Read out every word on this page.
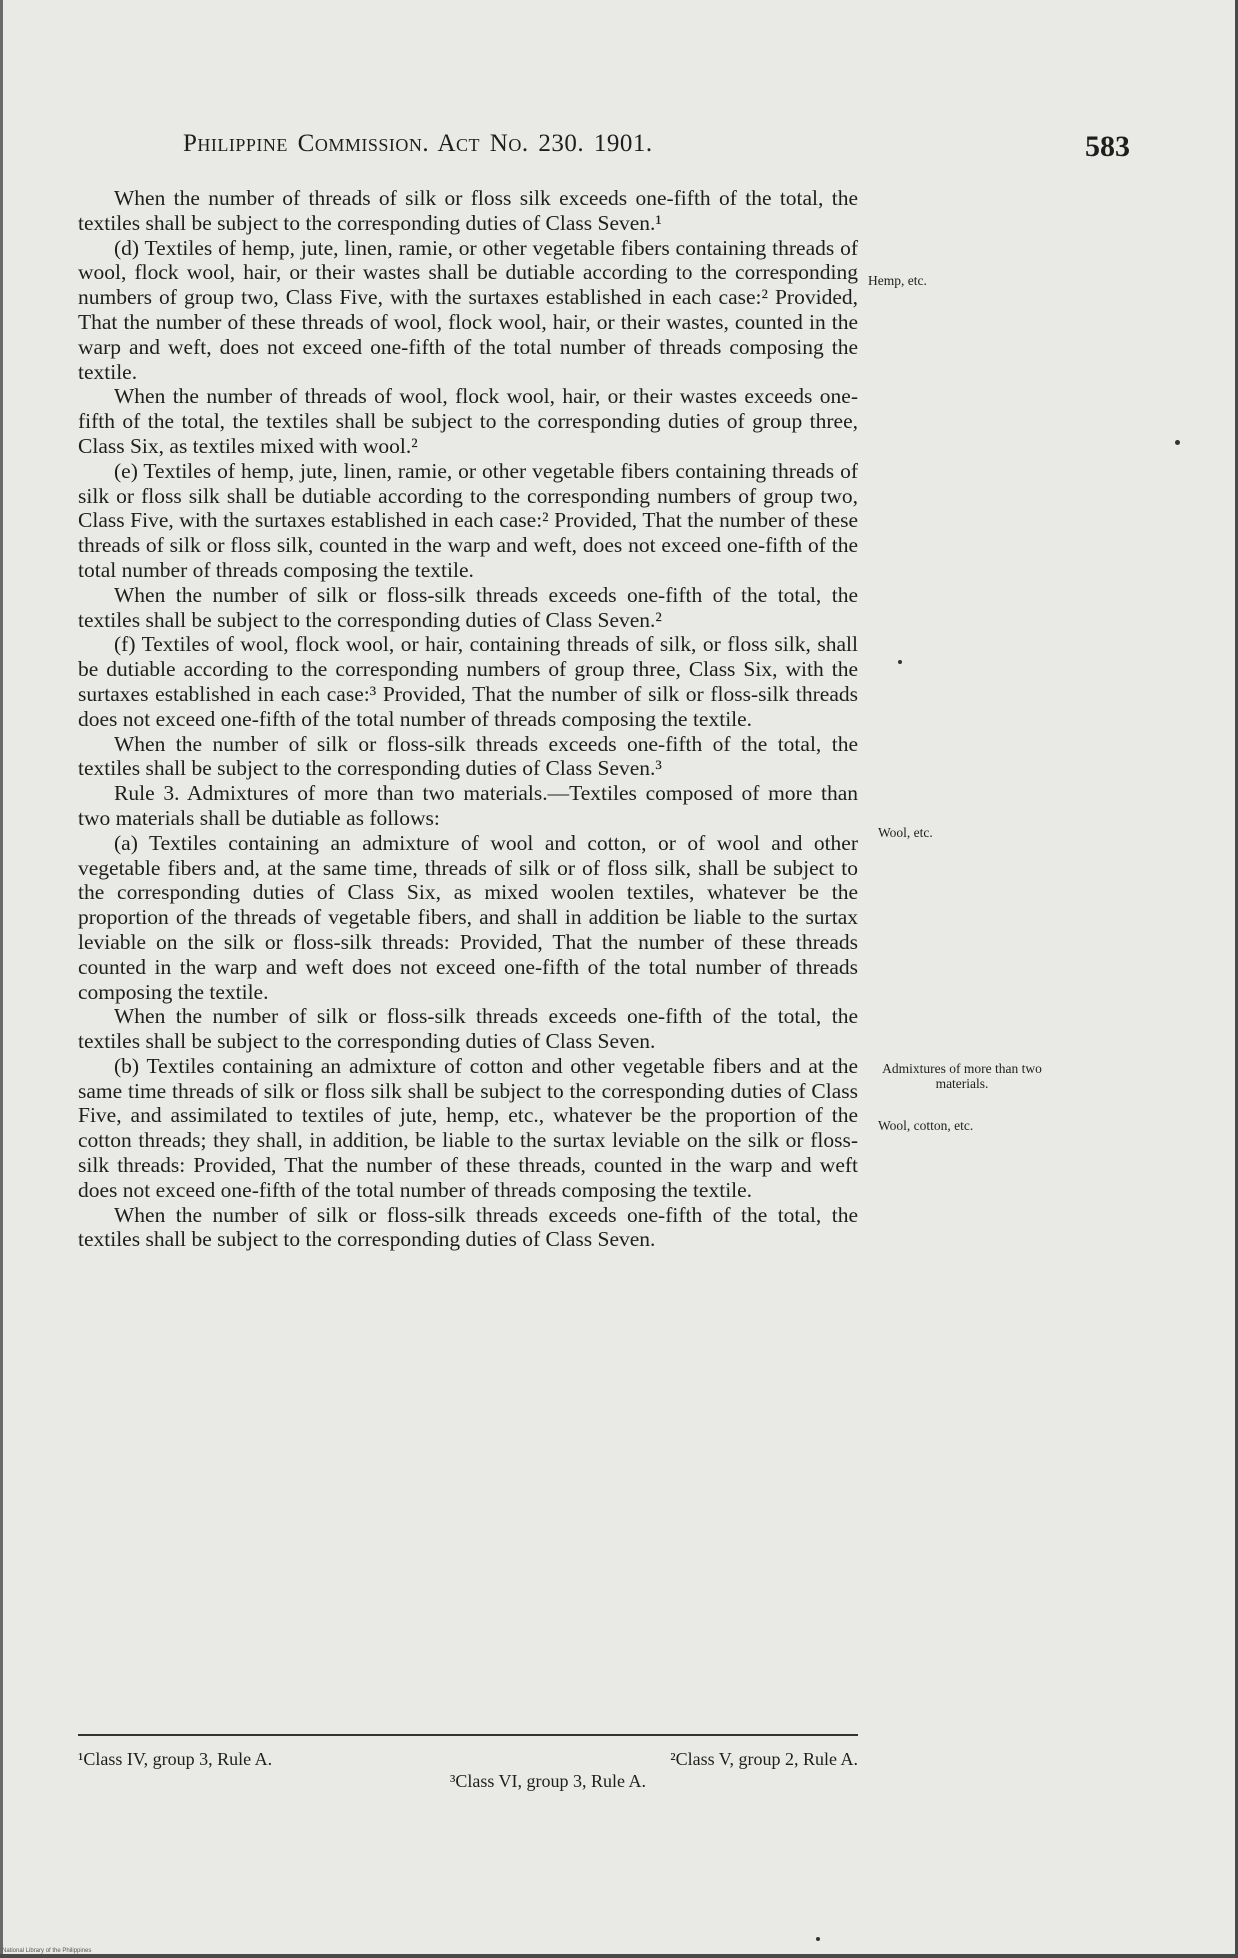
Philippine Commission. Act No. 230. 1901.	583

When the number of threads of silk or floss silk exceeds one-fifth of the total, the textiles shall be subject to the corresponding duties of Class Seven.¹

(d) Textiles of hemp, jute, linen, ramie, or other vegetable fibers containing threads of wool, flock wool, hair, or their wastes shall be dutiable according to the corresponding numbers of group two, Class Five, with the surtaxes established in each case:² Provided, That the number of these threads of wool, flock wool, hair, or their wastes, counted in the warp and weft, does not exceed one-fifth of the total number of threads composing the textile.

When the number of threads of wool, flock wool, hair, or their wastes exceeds one-fifth of the total, the textiles shall be subject to the corresponding duties of group three, Class Six, as textiles mixed with wool.²

(e) Textiles of hemp, jute, linen, ramie, or other vegetable fibers containing threads of silk or floss silk shall be dutiable according to the corresponding numbers of group two, Class Five, with the surtaxes established in each case:² Provided, That the number of these threads of silk or floss silk, counted in the warp and weft, does not exceed one-fifth of the total number of threads composing the textile.

When the number of silk or floss-silk threads exceeds one-fifth of the total, the textiles shall be subject to the corresponding duties of Class Seven.²

(f) Textiles of wool, flock wool, or hair, containing threads of silk, or floss silk, shall be dutiable according to the corresponding numbers of group three, Class Six, with the surtaxes established in each case:³ Provided, That the number of silk or floss-silk threads does not exceed one-fifth of the total number of threads composing the textile.

When the number of silk or floss-silk threads exceeds one-fifth of the total, the textiles shall be subject to the corresponding duties of Class Seven.³

Rule 3. Admixtures of more than two materials.—Textiles composed of more than two materials shall be dutiable as follows:

(a) Textiles containing an admixture of wool and cotton, or of wool and other vegetable fibers and, at the same time, threads of silk or of floss silk, shall be subject to the corresponding duties of Class Six, as mixed woolen textiles, whatever be the proportion of the threads of vegetable fibers, and shall in addition be liable to the surtax leviable on the silk or floss-silk threads: Provided, That the number of these threads counted in the warp and weft does not exceed one-fifth of the total number of threads composing the textile.

When the number of silk or floss-silk threads exceeds one-fifth of the total, the textiles shall be subject to the corresponding duties of Class Seven.

(b) Textiles containing an admixture of cotton and other vegetable fibers and at the same time threads of silk or floss silk shall be subject to the corresponding duties of Class Five, and assimilated to textiles of jute, hemp, etc., whatever be the proportion of the cotton threads; they shall, in addition, be liable to the surtax leviable on the silk or floss-silk threads: Provided, That the number of these threads, counted in the warp and weft does not exceed one-fifth of the total number of threads composing the textile.

When the number of silk or floss-silk threads exceeds one-fifth of the total, the textiles shall be subject to the corresponding duties of Class Seven.

Hemp, etc.
Wool, etc.
Admixtures of more than two materials.
Wool, cotton, etc.
¹Class IV, group 3, Rule A.	²Class V, group 2, Rule A.
³Class VI, group 3, Rule A.
National Library of the Philippines
